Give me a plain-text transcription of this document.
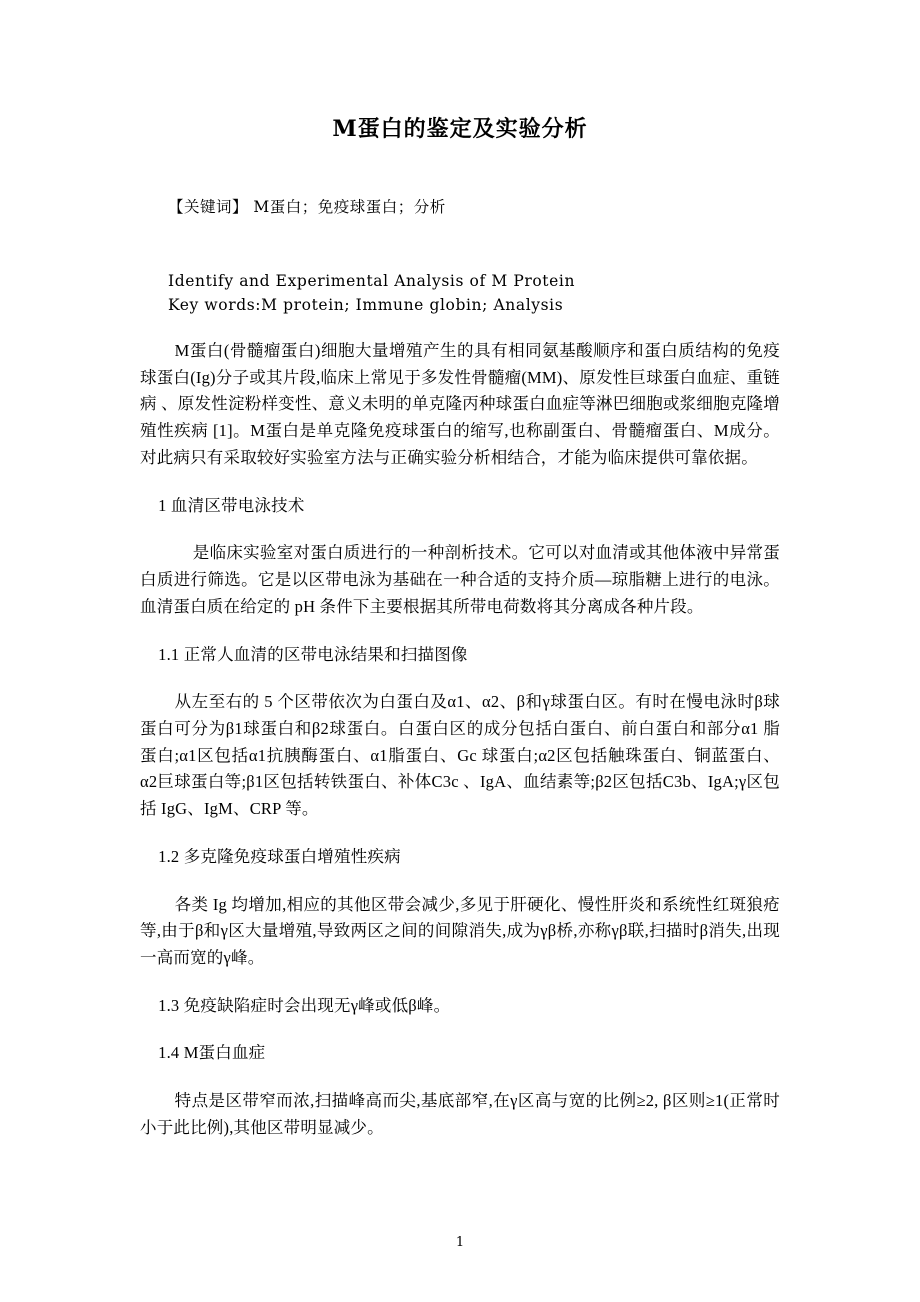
M蛋白的鉴定及实验分析
【关键词】 M蛋白；免疫球蛋白；分析
Identify and Experimental Analysis of M Protein
Key words:M protein; Immune globin; Analysis
M蛋白(骨髓瘤蛋白)细胞大量增殖产生的具有相同氨基酸顺序和蛋白质结构的免疫球蛋白(Ig)分子或其片段,临床上常见于多发性骨髓瘤(MM)、原发性巨球蛋白血症、重链病 、原发性淀粉样变性、意义未明的单克隆丙种球蛋白血症等淋巴细胞或浆细胞克隆增殖性疾病 [1]。M蛋白是单克隆免疫球蛋白的缩写,也称副蛋白、骨髓瘤蛋白、M成分。对此病只有采取较好实验室方法与正确实验分析相结合，才能为临床提供可靠依据。
1 血清区带电泳技术
是临床实验室对蛋白质进行的一种剖析技术。它可以对血清或其他体液中异常蛋白质进行筛选。它是以区带电泳为基础在一种合适的支持介质—琼脂糖上进行的电泳。血清蛋白质在给定的 pH 条件下主要根据其所带电荷数将其分离成各种片段。
1.1 正常人血清的区带电泳结果和扫描图像
从左至右的 5 个区带依次为白蛋白及α1、α2、β和γ球蛋白区。有时在慢电泳时β球蛋白可分为β1球蛋白和β2球蛋白。白蛋白区的成分包括白蛋白、前白蛋白和部分α1 脂蛋白;α1区包括α1抗胰酶蛋白、α1脂蛋白、Gc 球蛋白;α2区包括触珠蛋白、铜蓝蛋白、 α2巨球蛋白等;β1区包括转铁蛋白、补体C3c 、IgA、血结素等;β2区包括C3b、IgA;γ区包括 IgG、IgM、CRP 等。
1.2 多克隆免疫球蛋白增殖性疾病
各类 Ig 均增加,相应的其他区带会减少,多见于肝硬化、慢性肝炎和系统性红斑狼疮等,由于β和γ区大量增殖,导致两区之间的间隙消失,成为γβ桥,亦称γβ联,扫描时β消失,出现一高而宽的γ峰。
1.3 免疫缺陷症时会出现无γ峰或低β峰。
1.4 M蛋白血症
特点是区带窄而浓,扫描峰高而尖,基底部窄,在γ区高与宽的比例≥2, β区则≥1(正常时小于此比例),其他区带明显减少。
1
